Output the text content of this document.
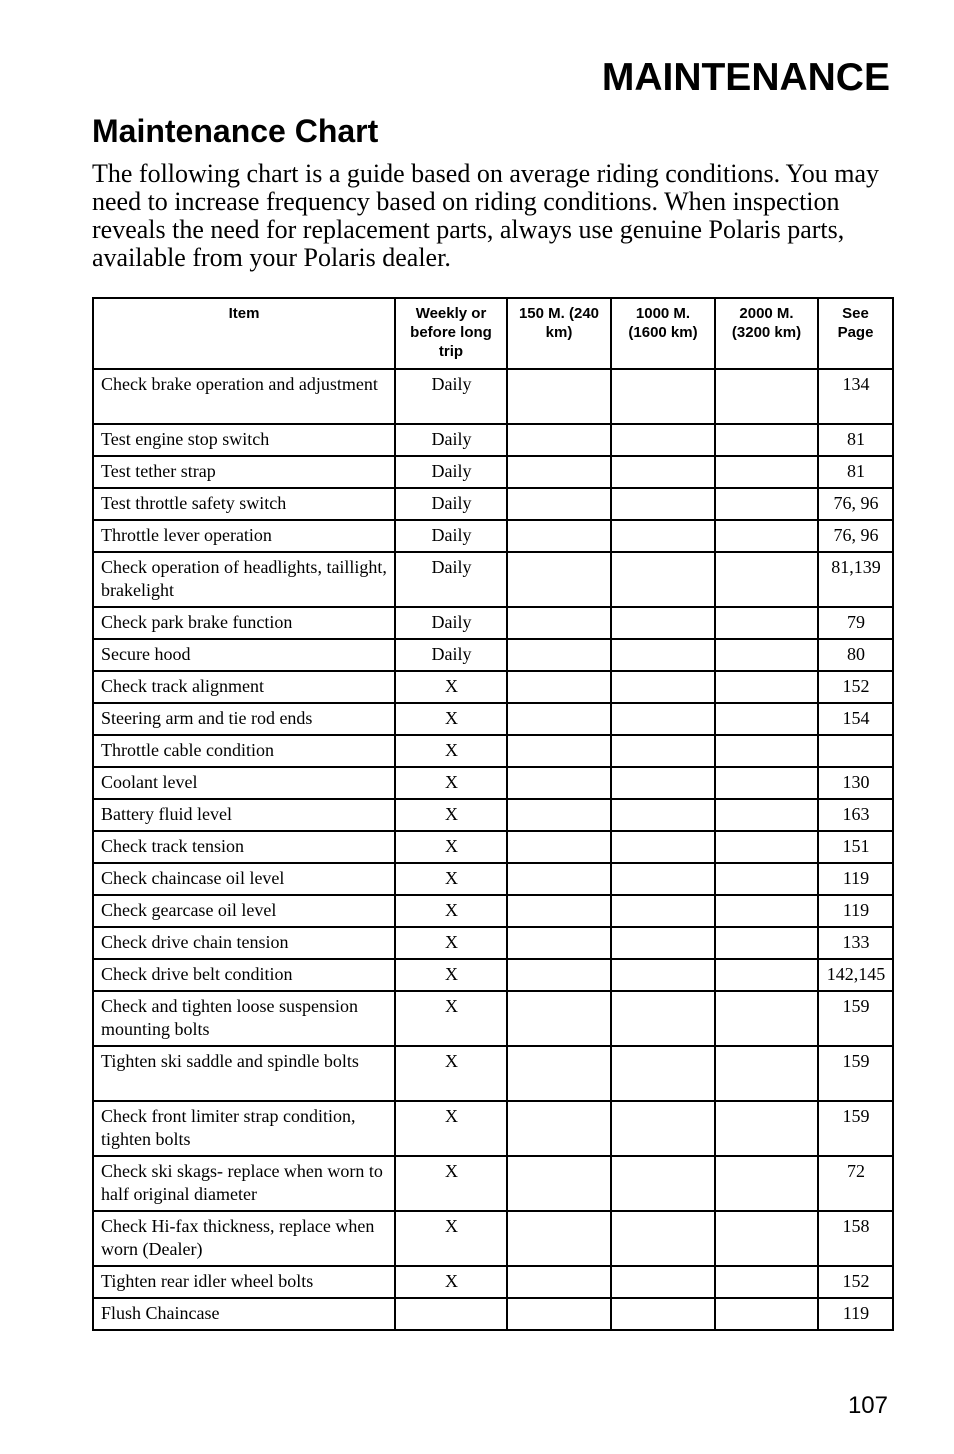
MAINTENANCE
Maintenance Chart

The following chart is a guide based on average riding conditions. You may need to increase frequency based on riding conditions. When inspection reveals the need for replacement parts, always use genuine Polaris parts, available from your Polaris dealer.

Item	Weekly or before long trip	150 M. (240 km)	1000 M. (1600 km)	2000 M. (3200 km)	See Page
Check brake operation and adjustment	Daily				134
Test engine stop switch	Daily				81
Test tether strap	Daily				81
Test throttle safety switch	Daily				76, 96
Throttle lever operation	Daily				76, 96
Check operation of headlights, taillight, brakelight	Daily				81,139
Check park brake function	Daily				79
Secure hood	Daily				80
Check track alignment	X				152
Steering arm and tie rod ends	X				154
Throttle cable condition	X				
Coolant level	X				130
Battery fluid level	X				163
Check track tension	X				151
Check chaincase oil level	X				119
Check gearcase oil level	X				119
Check drive chain tension	X				133
Check drive belt condition	X				142,145
Check and tighten loose suspension mounting bolts	X				159
Tighten ski saddle and spindle bolts	X				159
Check front limiter strap condition, tighten bolts	X				159
Check ski skags- replace when worn to half original diameter	X				72
Check Hi-fax thickness, replace when worn (Dealer)	X				158
Tighten rear idler wheel bolts	X				152
Flush Chaincase					119
107
